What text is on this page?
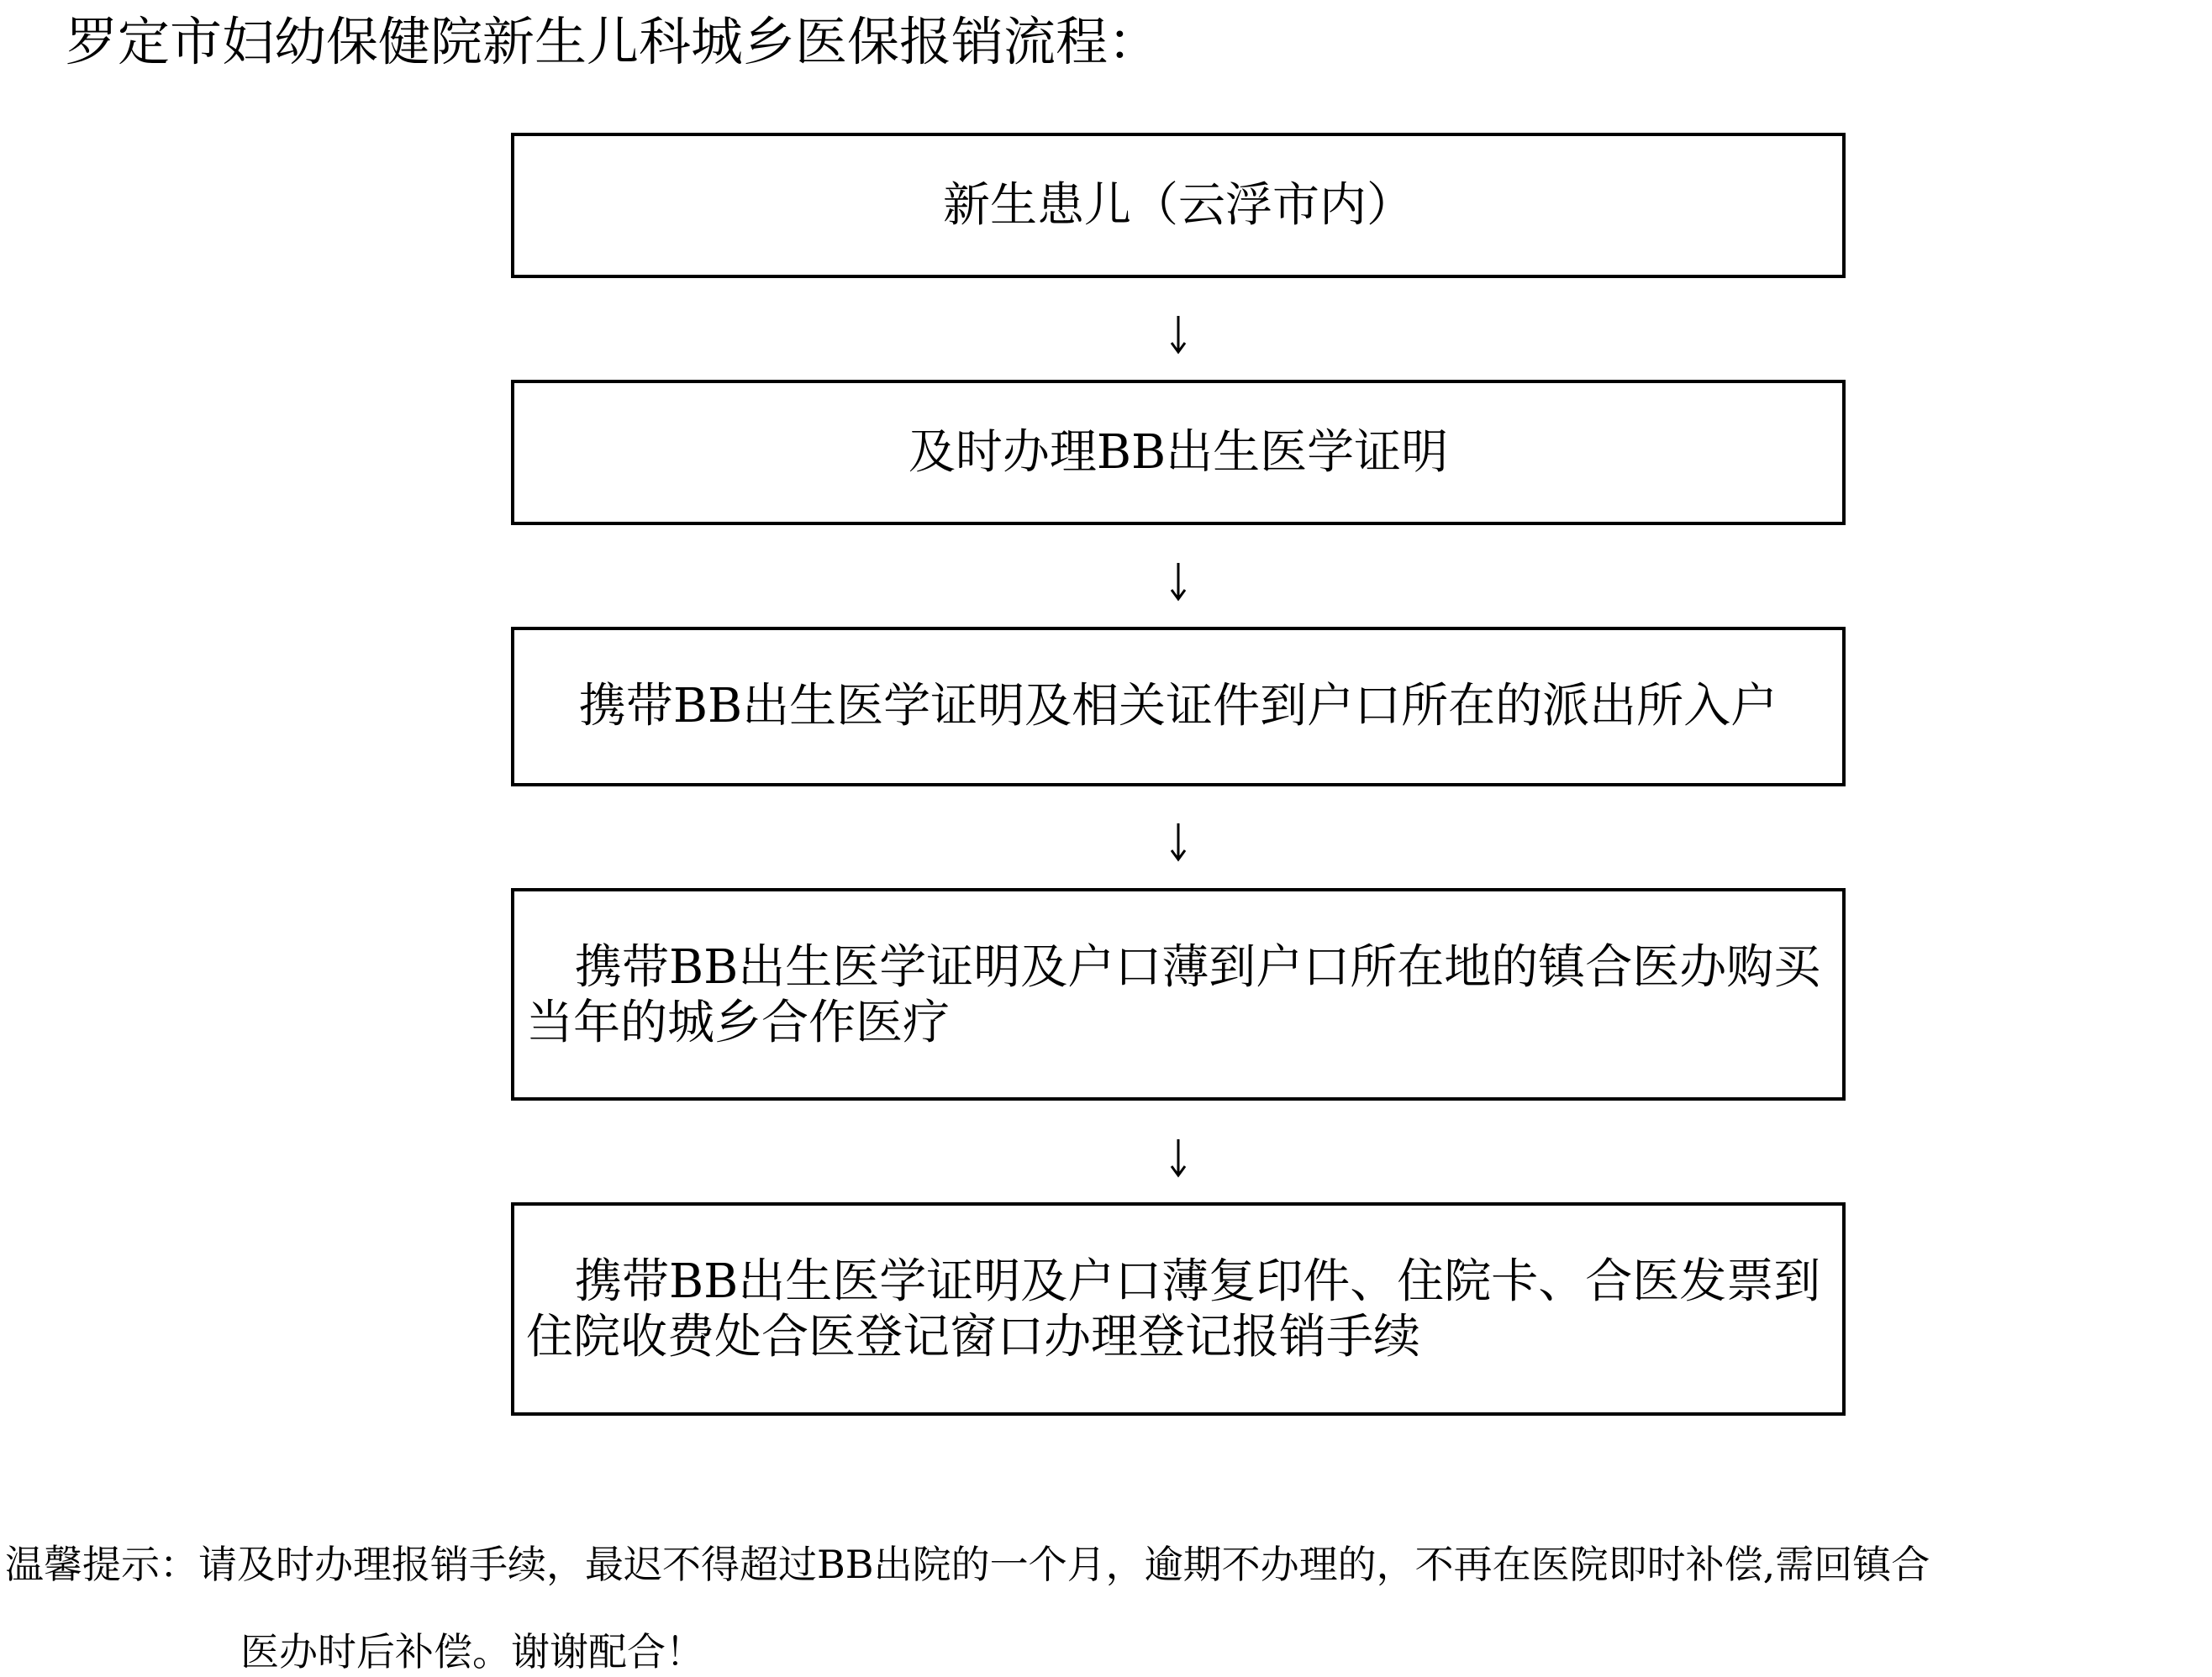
罗定市妇幼保健院新生儿科城乡医保报销流程：
新生患儿（云浮市内）
及时办理BB出生医学证明
携带BB出生医学证明及相关证件到户口所在的派出所入户
携带BB出生医学证明及户口薄到户口所在地的镇合医办购买当年的城乡合作医疗
携带BB出生医学证明及户口薄复印件、住院卡、合医发票到住院收费处合医登记窗口办理登记报销手续
温馨提示：请及时办理报销手续，最迟不得超过BB出院的一个月，逾期不办理的，不再在医院即时补偿,需回镇合
医办时后补偿。谢谢配合！
